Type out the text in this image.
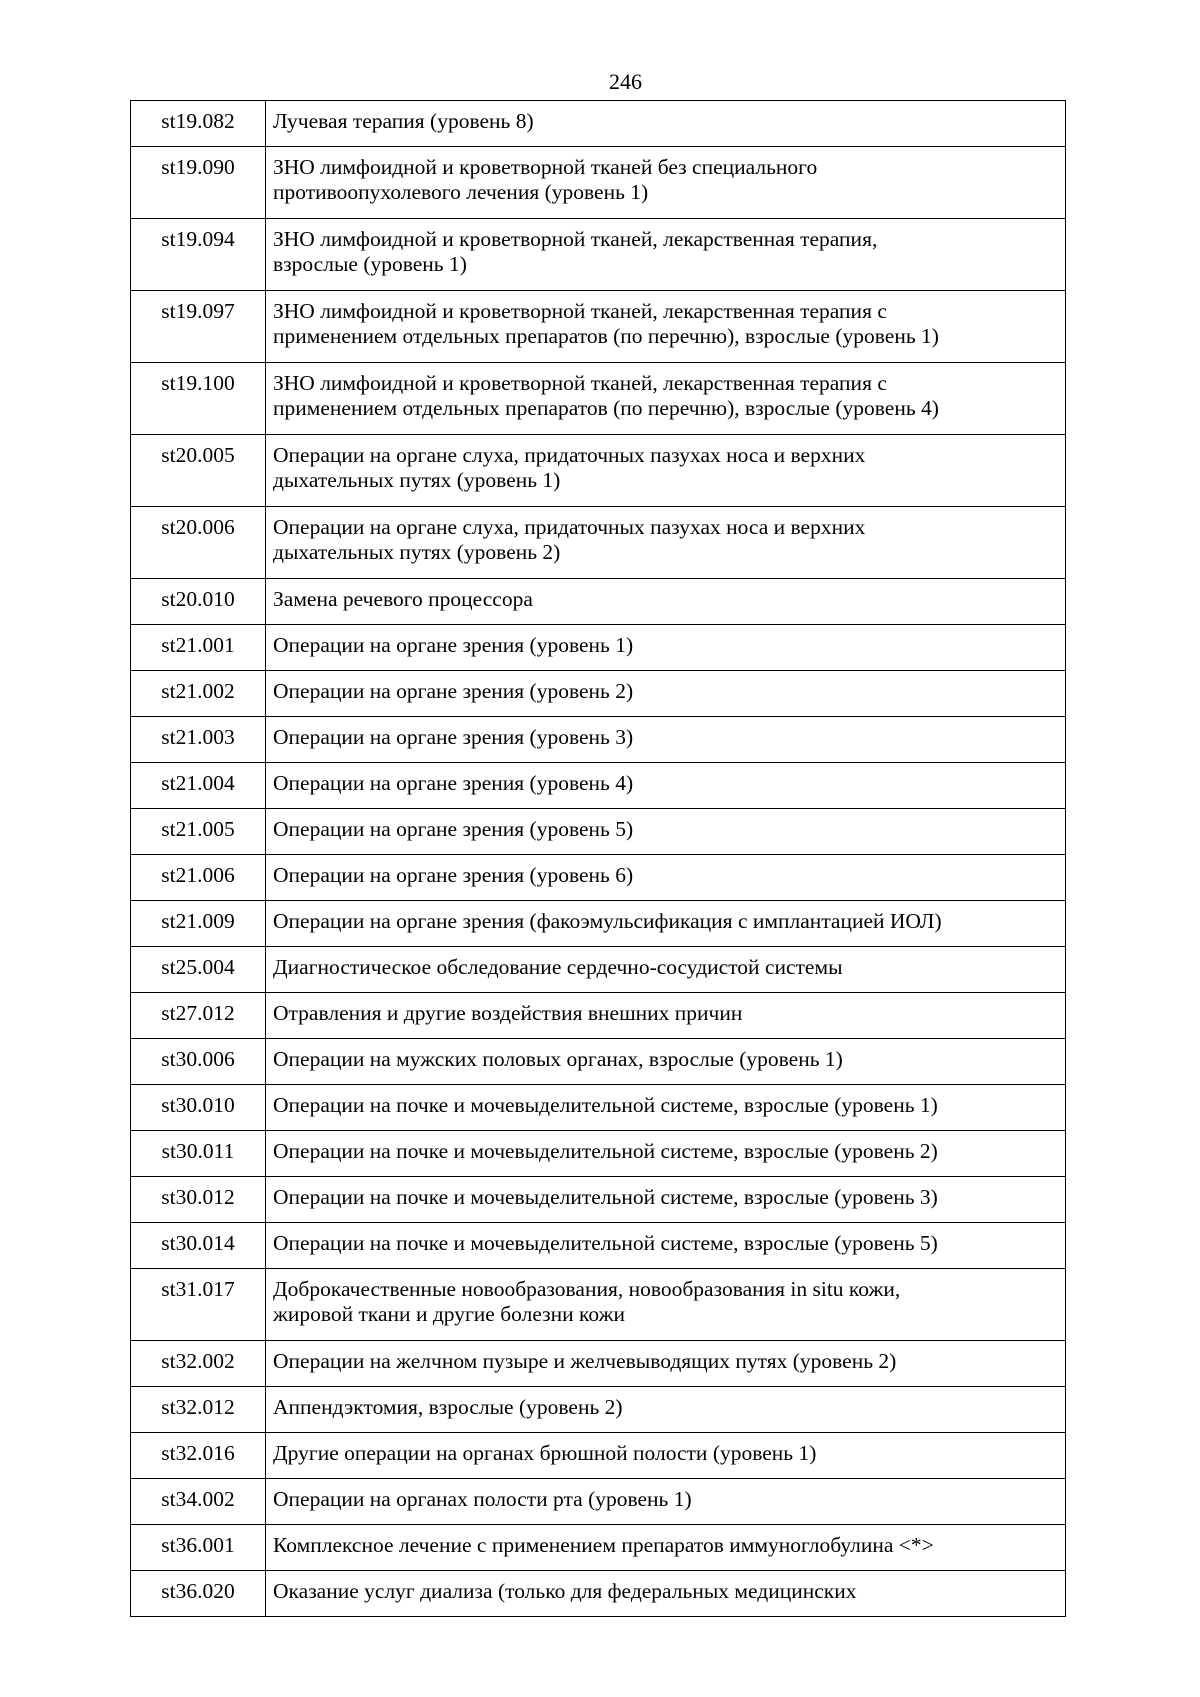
246
st19.082	Лучевая терапия (уровень 8)

st19.090	ЗНО лимфоидной и кроветворной тканей без специального
противоопухолевого лечения (уровень 1)

st19.094	ЗНО лимфоидной и кроветворной тканей, лекарственная терапия,
взрослые (уровень 1)

st19.097	ЗНО лимфоидной и кроветворной тканей, лекарственная терапия с
применением отдельных препаратов (по перечню), взрослые (уровень 1)

st19.100	ЗНО лимфоидной и кроветворной тканей, лекарственная терапия с
применением отдельных препаратов (по перечню), взрослые (уровень 4)

st20.005	Операции на органе слуха, придаточных пазухах носа и верхних
дыхательных путях (уровень 1)

st20.006	Операции на органе слуха, придаточных пазухах носа и верхних
дыхательных путях (уровень 2)

st20.010	Замена речевого процессора

st21.001	Операции на органе зрения (уровень 1)

st21.002	Операции на органе зрения (уровень 2)

st21.003	Операции на органе зрения (уровень 3)

st21.004	Операции на органе зрения (уровень 4)

st21.005	Операции на органе зрения (уровень 5)

st21.006	Операции на органе зрения (уровень 6)

st21.009	Операции на органе зрения (факоэмульсификация с имплантацией ИОЛ)

st25.004	Диагностическое обследование сердечно-сосудистой системы

st27.012	Отравления и другие воздействия внешних причин

st30.006	Операции на мужских половых органах, взрослые (уровень 1)

st30.010	Операции на почке и мочевыделительной системе, взрослые (уровень 1)

st30.011	Операции на почке и мочевыделительной системе, взрослые (уровень 2)

st30.012	Операции на почке и мочевыделительной системе, взрослые (уровень 3)

st30.014	Операции на почке и мочевыделительной системе, взрослые (уровень 5)

st31.017	Доброкачественные новообразования, новообразования in situ кожи,
жировой ткани и другие болезни кожи

st32.002	Операции на желчном пузыре и желчевыводящих путях (уровень 2)

st32.012	Аппендэктомия, взрослые (уровень 2)

st32.016	Другие операции на органах брюшной полости (уровень 1)

st34.002	Операции на органах полости рта (уровень 1)

st36.001	Комплексное лечение с применением препаратов иммуноглобулина <*>

st36.020	Оказание услуг диализа (только для федеральных медицинских
